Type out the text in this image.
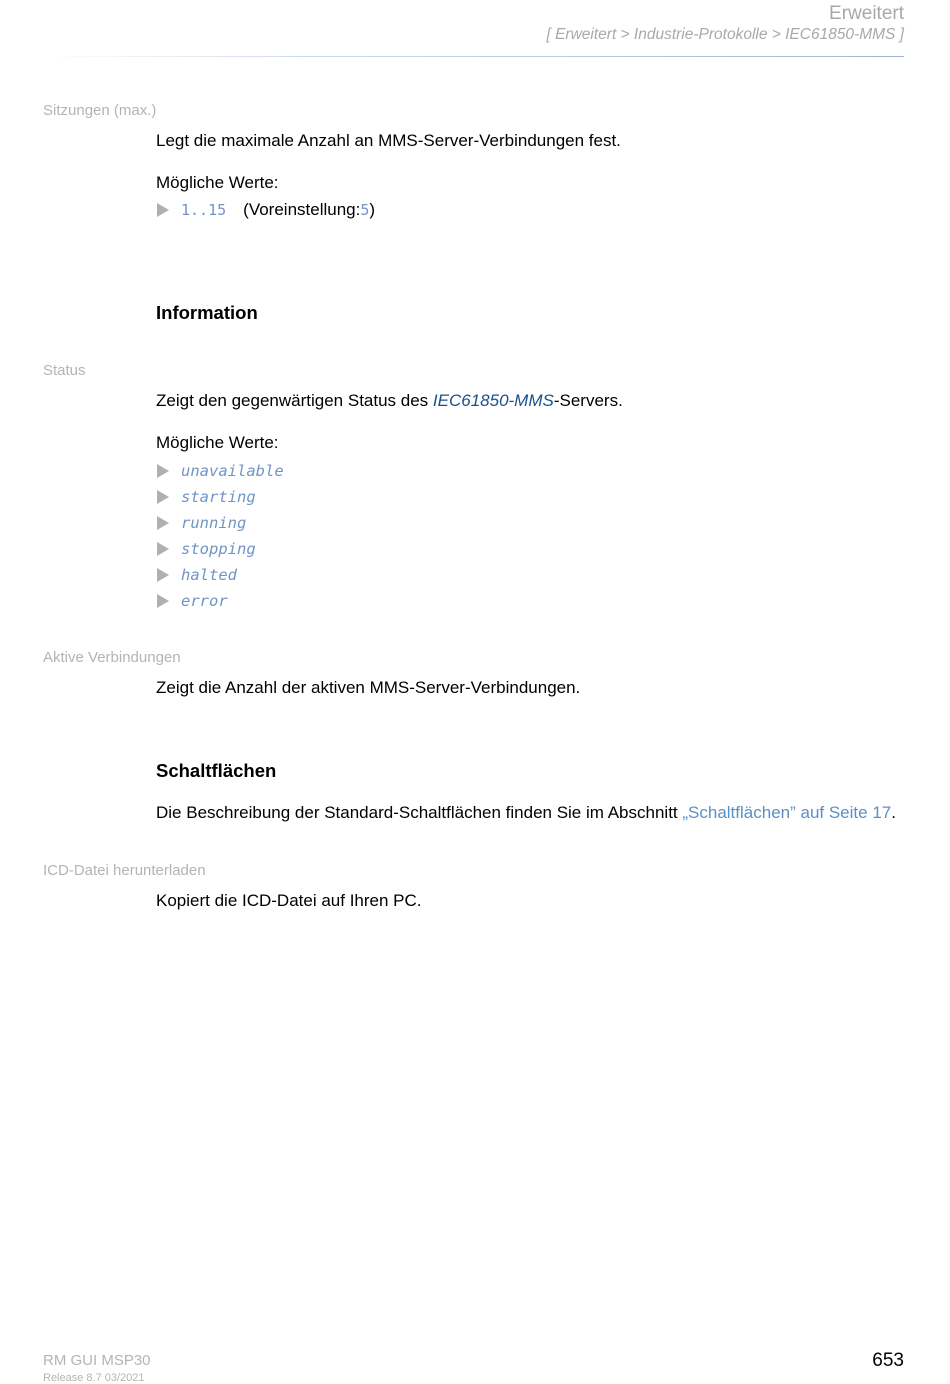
Erweitert
[ Erweitert > Industrie-Protokolle > IEC61850-MMS ]
Sitzungen (max.)
Legt die maximale Anzahl an MMS-Server-Verbindungen fest.
Mögliche Werte:
1..15 (Voreinstellung: 5 )
Information
Status
Zeigt den gegenwärtigen Status des IEC61850-MMS-Servers.
Mögliche Werte:
unavailable
starting
running
stopping
halted
error
Aktive Verbindungen
Zeigt die Anzahl der aktiven MMS-Server-Verbindungen.
Schaltflächen
Die Beschreibung der Standard-Schaltflächen finden Sie im Abschnitt „Schaltflächen” auf Seite 17.
ICD-Datei herunterladen
Kopiert die ICD-Datei auf Ihren PC.
RM GUI MSP30
Release 8.7 03/2021
653
